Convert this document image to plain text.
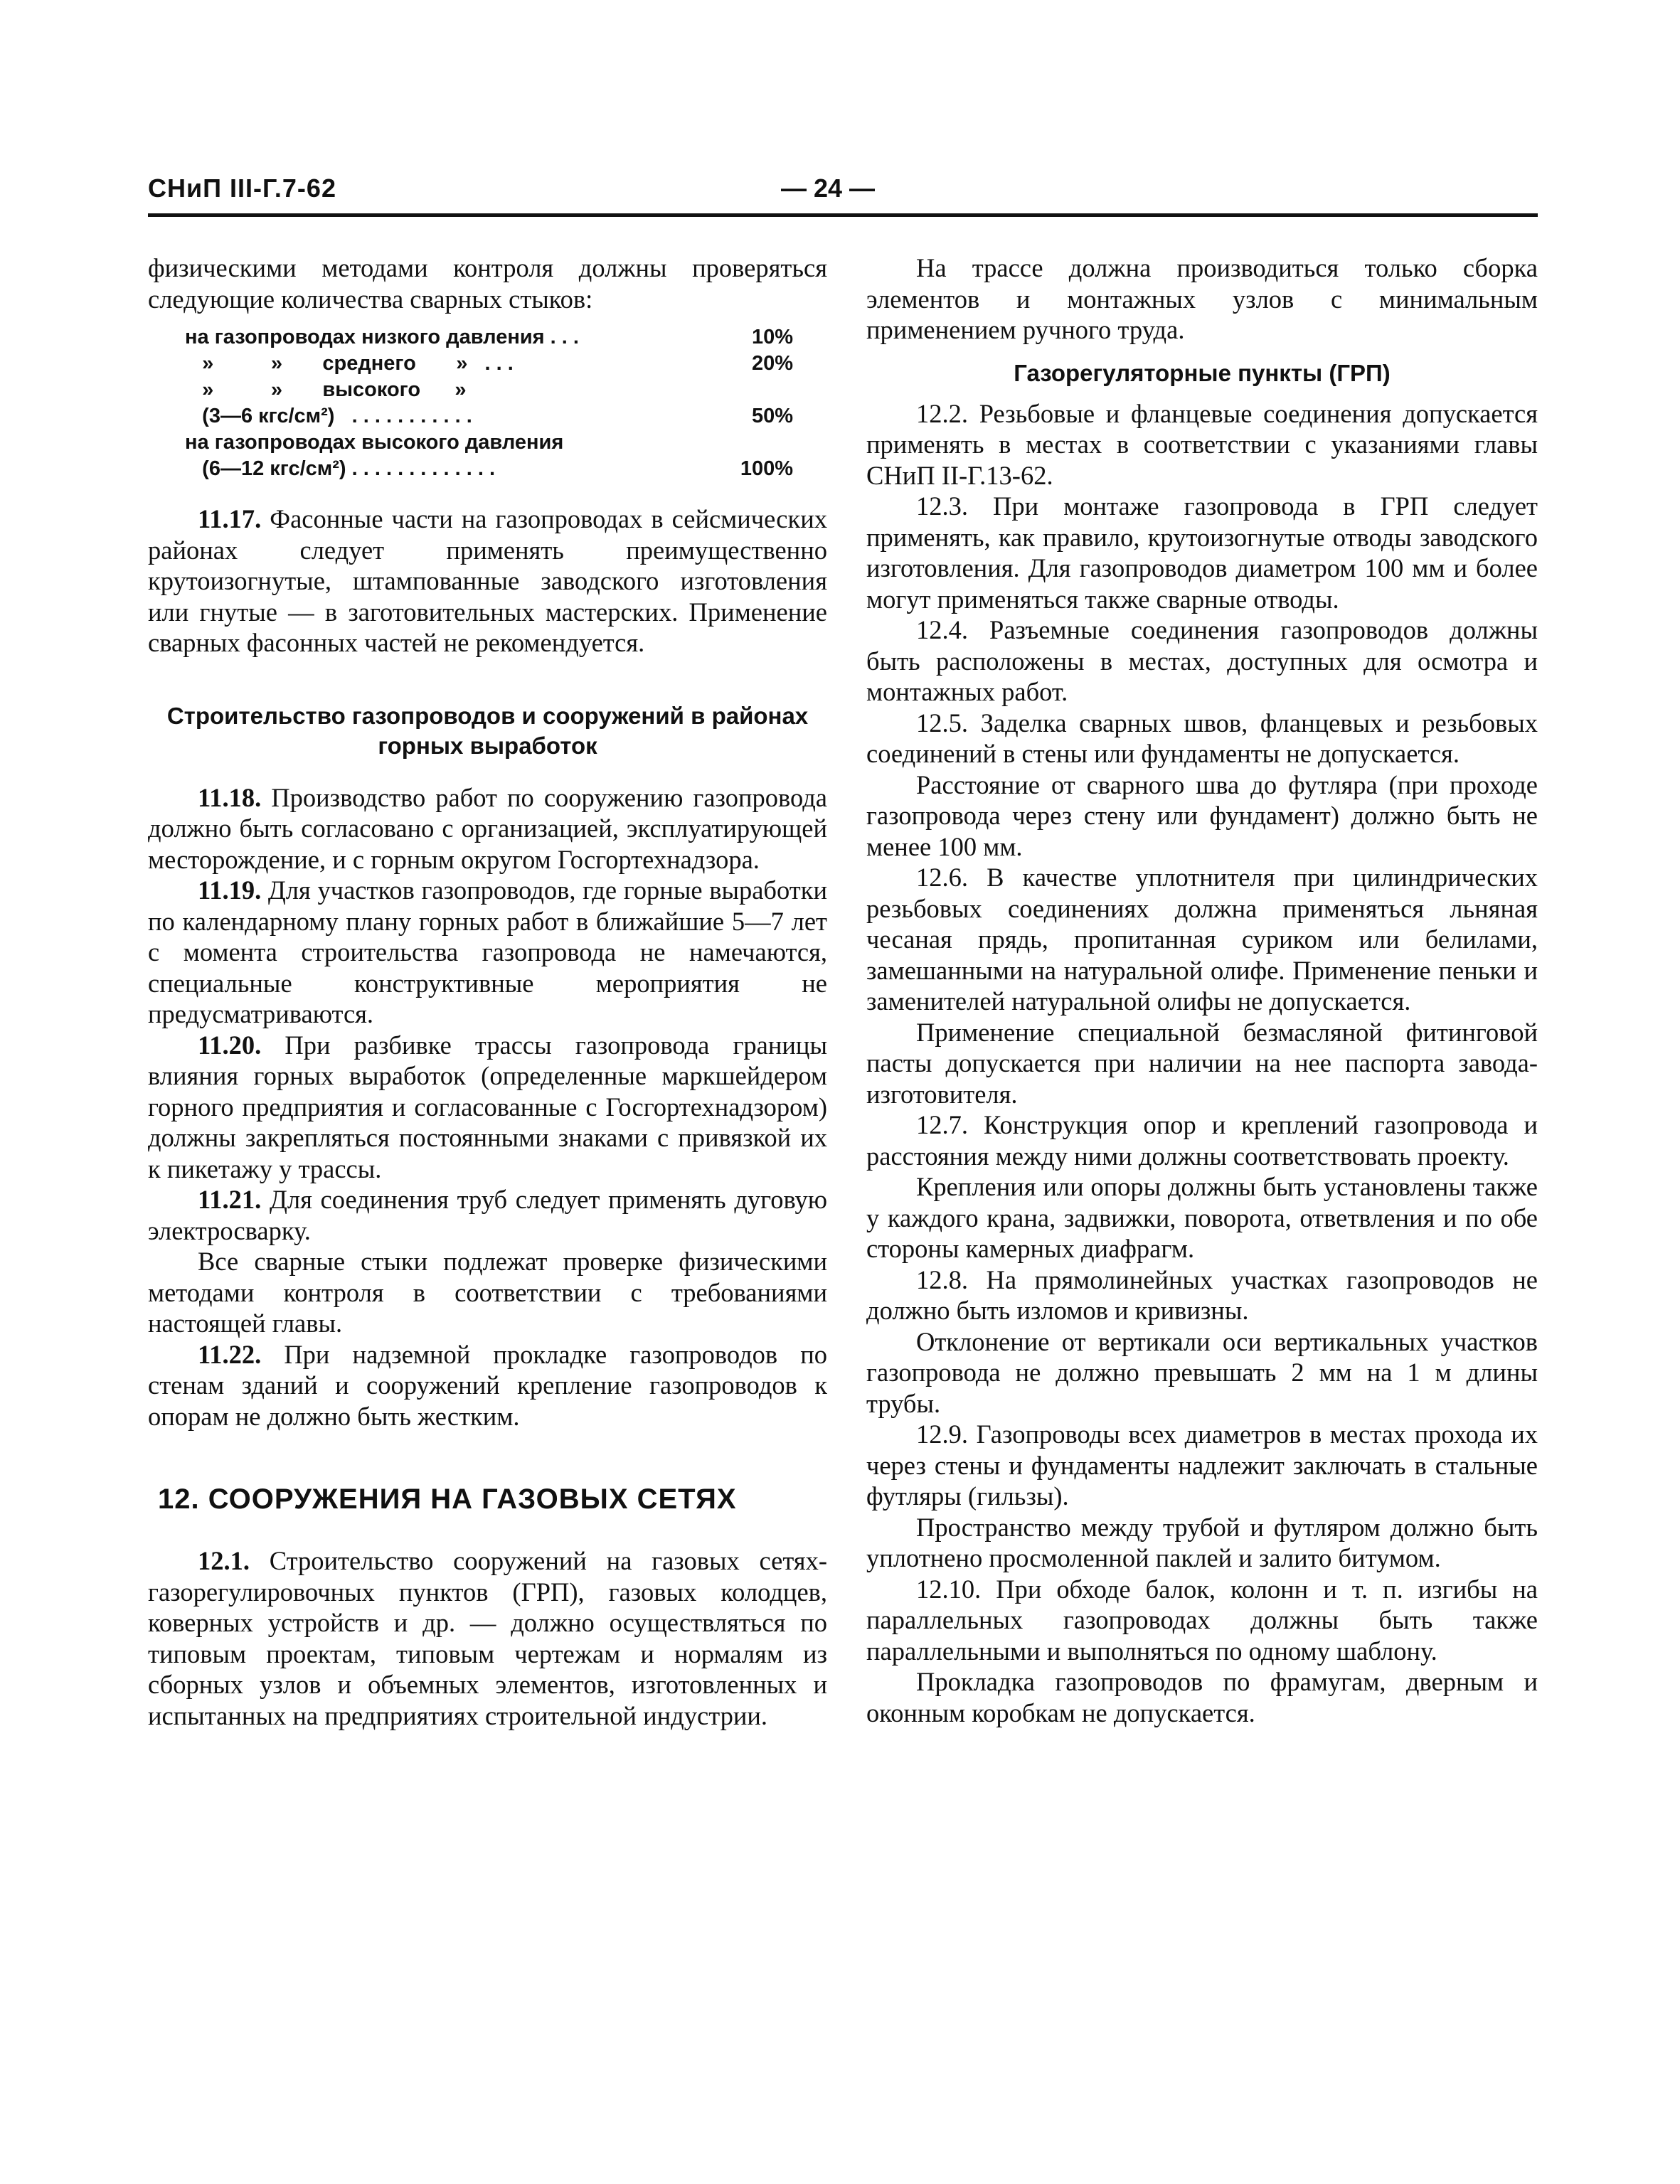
СНиП III-Г.7-62	— 24 —

физическими методами контроля должны проверяться следующие количества сварных стыков:

на газопроводах низкого давления . . .	10%
»          »       среднего       »   . . .	20%
»          »       высокого      »
(3—6 кгс/см²)   . . . . . . . . . . .	50%
на газопроводах высокого давления
(6—12 кгс/см²) . . . . . . . . . . . . .	100%

11.17. Фасонные части на газопроводах в сейсмических районах следует применять преимущественно крутоизогнутые, штампованные заводского изготовления или гнутые — в заготовительных мастерских. Применение сварных фасонных частей не рекомендуется.

Строительство газопроводов и сооружений в районах горных выработок

11.18. Производство работ по сооружению газопровода должно быть согласовано с организацией, эксплуатирующей месторождение, и с горным округом Госгортехнадзора.

11.19. Для участков газопроводов, где горные выработки по календарному плану горных работ в ближайшие 5—7 лет с момента строительства газопровода не намечаются, специальные конструктивные мероприятия не предусматриваются.

11.20. При разбивке трассы газопровода границы влияния горных выработок (определенные маркшейдером горного предприятия и согласованные с Госгортехнадзором) должны закрепляться постоянными знаками с привязкой их к пикетажу у трассы.

11.21. Для соединения труб следует применять дуговую электросварку.

Все сварные стыки подлежат проверке физическими методами контроля в соответствии с требованиями настоящей главы.

11.22. При надземной прокладке газопроводов по стенам зданий и сооружений крепление газопроводов к опорам не должно быть жестким.

12. СООРУЖЕНИЯ НА ГАЗОВЫХ СЕТЯХ

12.1. Строительство сооружений на газовых сетях-газорегулировочных пунктов (ГРП), газовых колодцев, коверных устройств и др. — должно осуществляться по типовым проектам, типовым чертежам и нормалям из сборных узлов и объемных элементов, изготовленных и испытанных на предприятиях строительной индустрии.

На трассе должна производиться только сборка элементов и монтажных узлов с минимальным применением ручного труда.

Газорегуляторные пункты (ГРП)

12.2. Резьбовые и фланцевые соединения допускается применять в местах в соответствии с указаниями главы СНиП II-Г.13-62.

12.3. При монтаже газопровода в ГРП следует применять, как правило, крутоизогнутые отводы заводского изготовления. Для газопроводов диаметром 100 мм и более могут применяться также сварные отводы.

12.4. Разъемные соединения газопроводов должны быть расположены в местах, доступных для осмотра и монтажных работ.

12.5. Заделка сварных швов, фланцевых и резьбовых соединений в стены или фундаменты не допускается.

Расстояние от сварного шва до футляра (при проходе газопровода через стену или фундамент) должно быть не менее 100 мм.

12.6. В качестве уплотнителя при цилиндрических резьбовых соединениях должна применяться льняная чесаная прядь, пропитанная суриком или белилами, замешанными на натуральной олифе. Применение пеньки и заменителей натуральной олифы не допускается.

Применение специальной безмасляной фитинговой пасты допускается при наличии на нее паспорта завода-изготовителя.

12.7. Конструкция опор и креплений газопровода и расстояния между ними должны соответствовать проекту.

Крепления или опоры должны быть установлены также у каждого крана, задвижки, поворота, ответвления и по обе стороны камерных диафрагм.

12.8. На прямолинейных участках газопроводов не должно быть изломов и кривизны.

Отклонение от вертикали оси вертикальных участков газопровода не должно превышать 2 мм на 1 м длины трубы.

12.9. Газопроводы всех диаметров в местах прохода их через стены и фундаменты надлежит заключать в стальные футляры (гильзы).

Пространство между трубой и футляром должно быть уплотнено просмоленной паклей и залито битумом.

12.10. При обходе балок, колонн и т. п. изгибы на параллельных газопроводах должны быть также параллельными и выполняться по одному шаблону.

Прокладка газопроводов по фрамугам, дверным и оконным коробкам не допускается.
